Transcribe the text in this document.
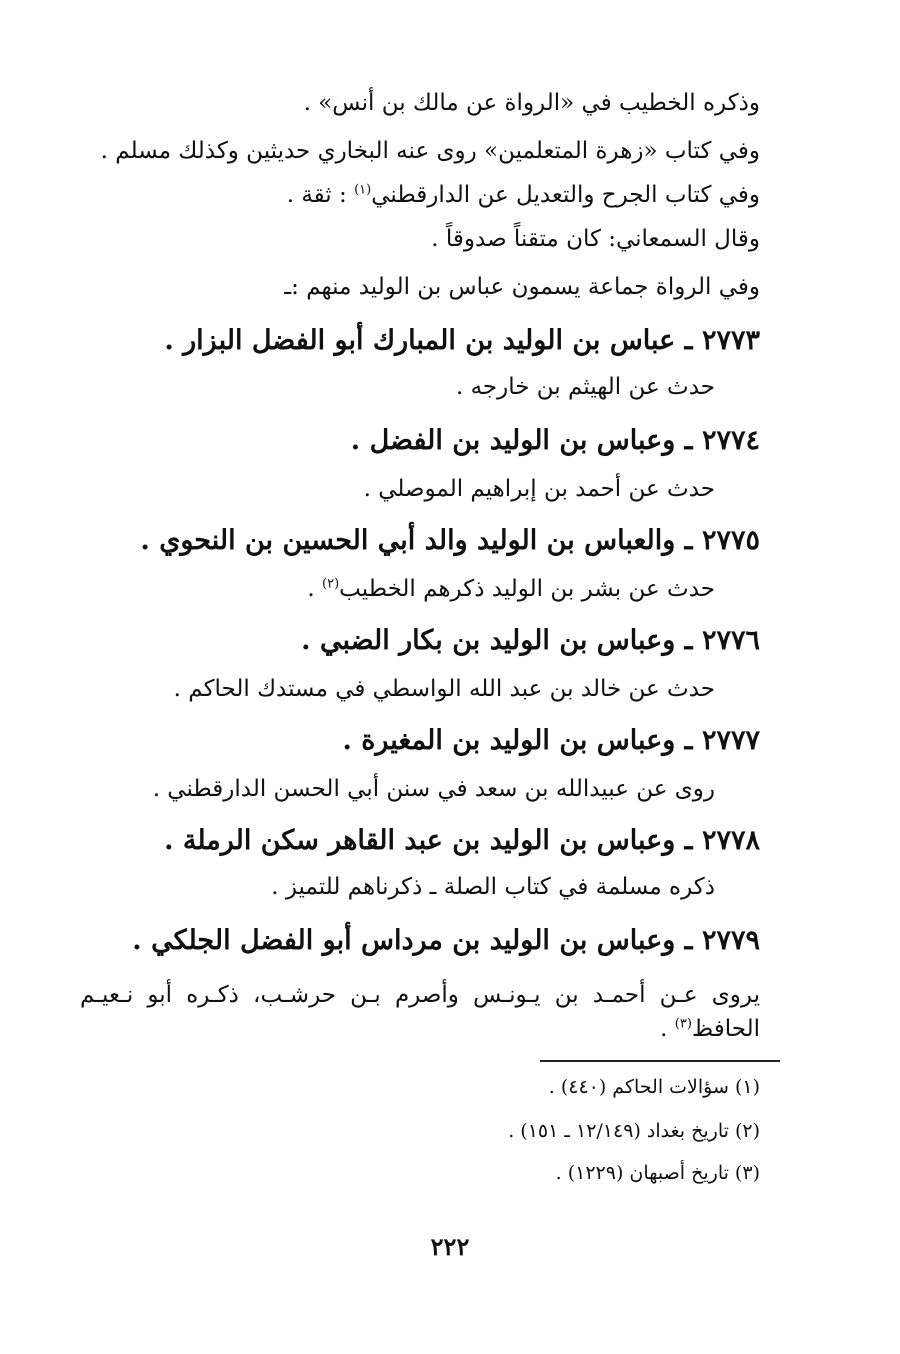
وذكره الخطيب في «الرواة عن مالك بن أنس» .
وفي كتاب «زهرة المتعلمين» روى عنه البخاري حديثين وكذلك مسلم .
وفي كتاب الجرح والتعديل عن الدارقطني$^{(١)}$ : ثقة .
وقال السمعاني: كان متقناً صدوقاً .
وفي الرواة جماعة يسمون عباس بن الوليد منهم :ـ
٢٧٧٣ ـ عباس بن الوليد بن المبارك أبو الفضل البزار .
حدث عن الهيثم بن خارجه .
٢٧٧٤ ـ وعباس بن الوليد بن الفضل .
حدث عن أحمد بن إبراهيم الموصلي .
٢٧٧٥ ـ والعباس بن الوليد والد أبي الحسين بن النحوي .
حدث عن بشر بن الوليد ذكرهم الخطيب$^{(٢)}$ .
٢٧٧٦ ـ وعباس بن الوليد بن بكار الضبي .
حدث عن خالد بن عبد الله الواسطي في مستدك الحاكم .
٢٧٧٧ ـ وعباس بن الوليد بن المغيرة .
روى عن عبيدالله بن سعد في سنن أبي الحسن الدارقطني .
٢٧٧٨ ـ وعباس بن الوليد بن عبد القاهر سكن الرملة .
ذكره مسلمة في كتاب الصلة ـ ذكرناهم للتميز .
٢٧٧٩ ـ وعباس بن الوليد بن مرداس أبو الفضل الجلكي .
يروى عـن أحمـد بن يـونـس وأصرم بـن حرشـب، ذكـره أبو نـعيـم
الحافظ$^{(٣)}$ .
(١) سؤالات الحاكم (٤٤٠) .
(٢) تاريخ بغداد (١٢/١٤٩ ـ ١٥١) .
(٣) تاريخ أصبهان (١٢٢٩) .
٢٢٢
